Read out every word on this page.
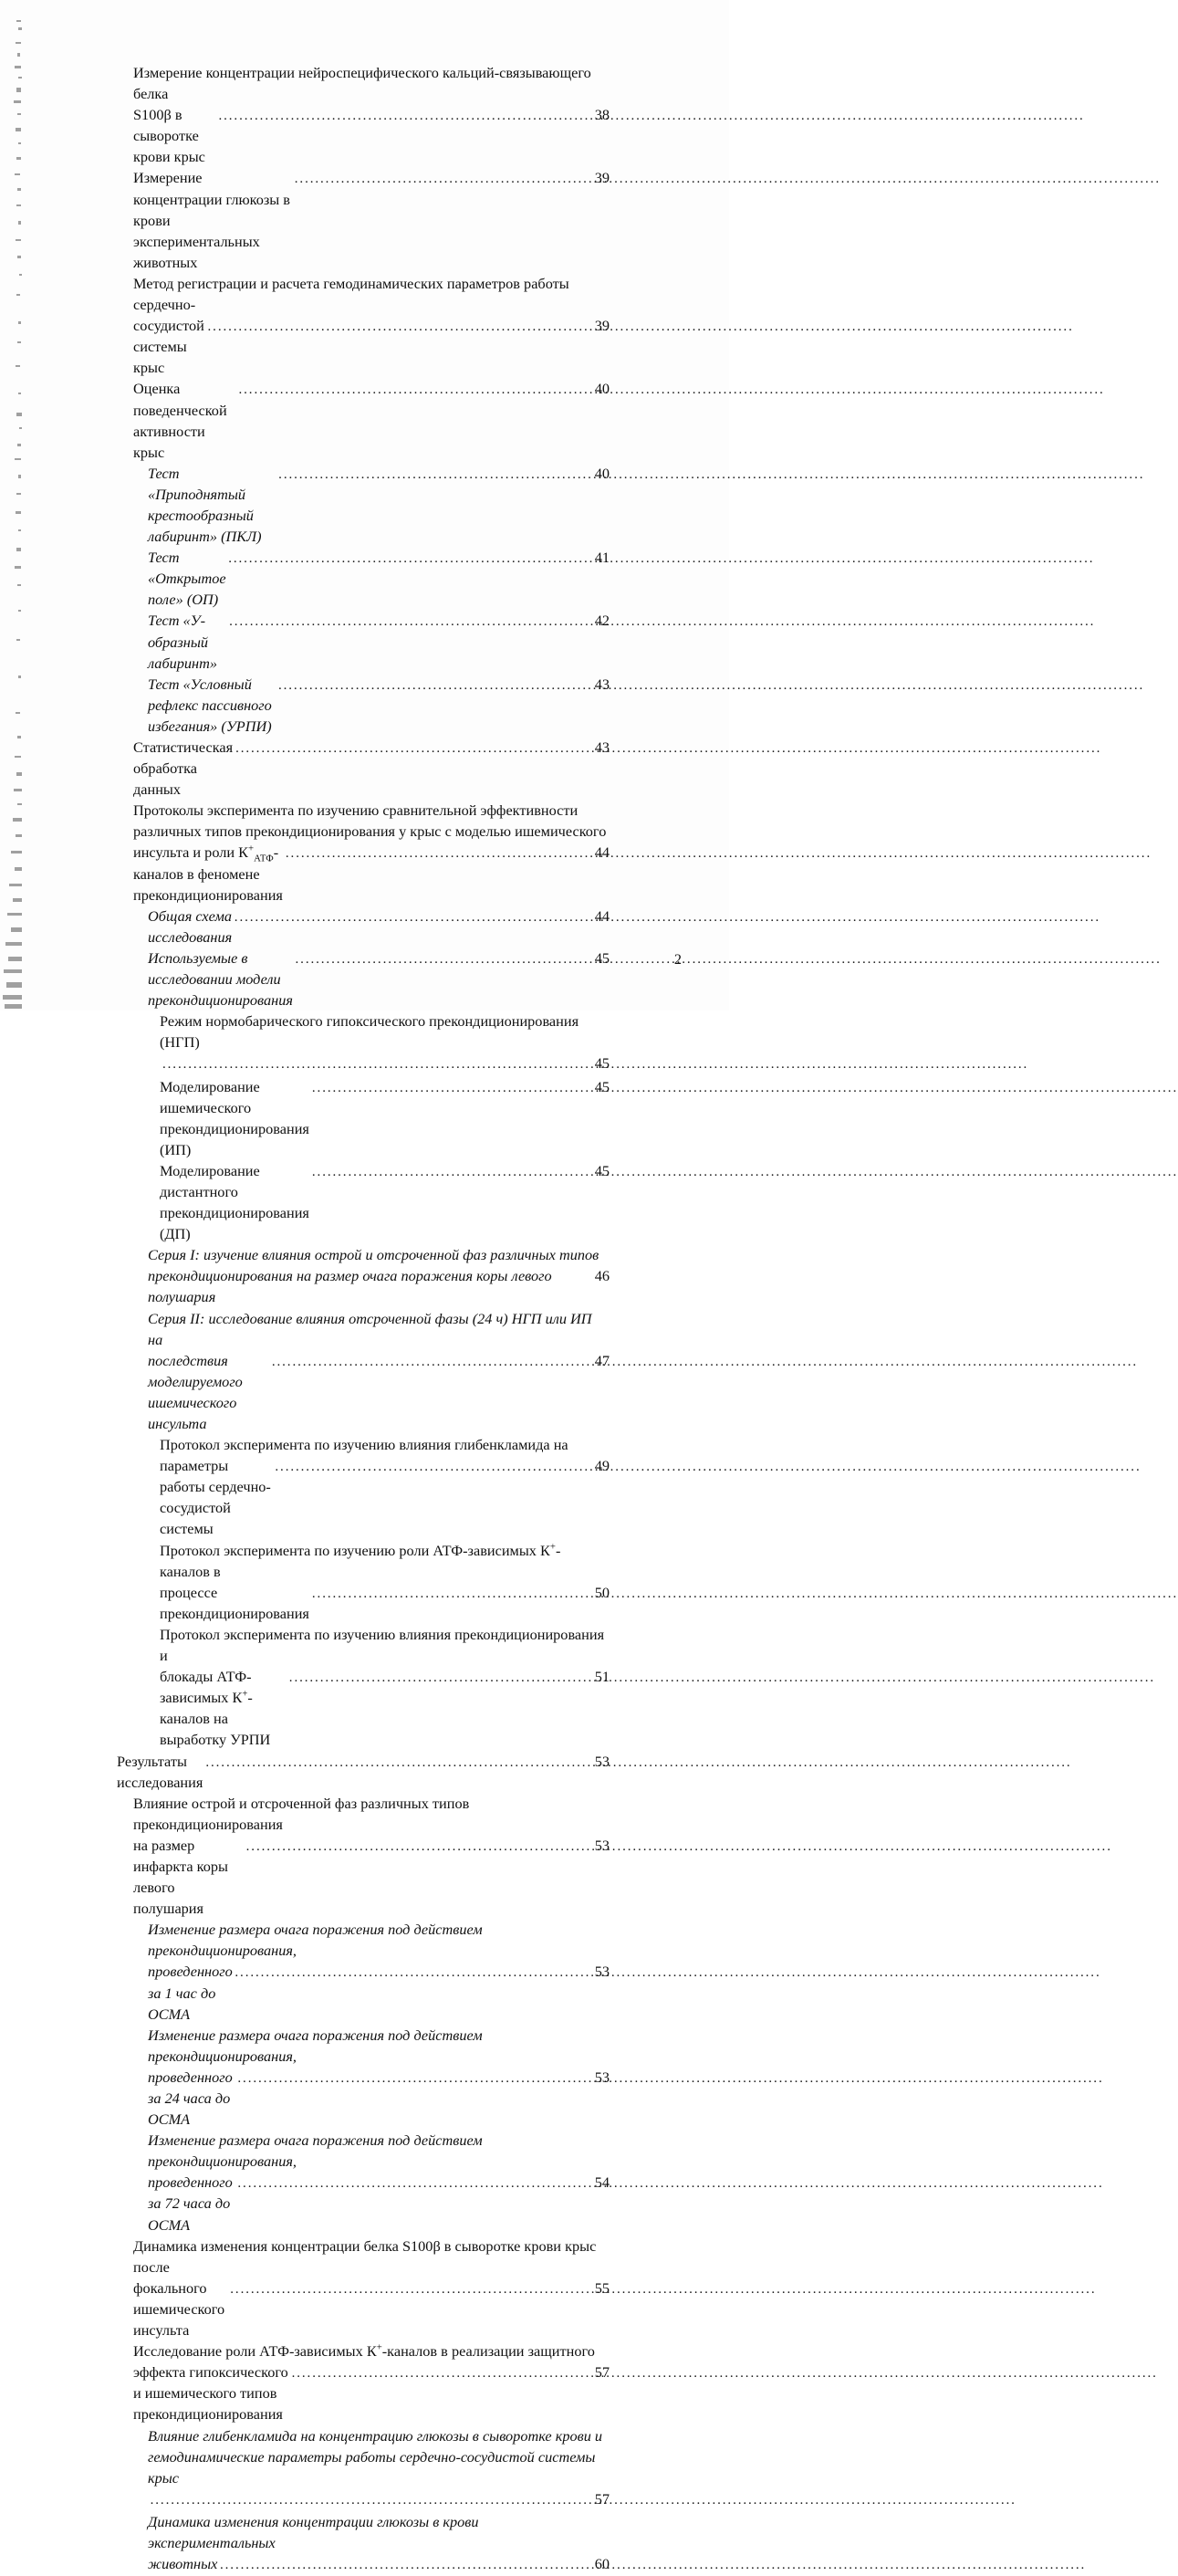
Измерение концентрации нейроспецифического кальций-связывающего белка
S100β в сыворотке крови крыс
.....
38
Измерение концентрации глюкозы в крови экспериментальных животных
.....
39
Метод регистрации и расчета гемодинамических параметров работы сердечно-
сосудистой системы крыс
.....
39
Оценка поведенческой активности крыс
.....
40
Тест «Приподнятый крестообразный лабиринт» (ПКЛ)
.....
40
Тест «Открытое поле» (ОП)
.....
41
Тест «У-образный лабиринт»
.....
42
Тест «Условный рефлекс пассивного избегания» (УРПИ)
.....
43
Статистическая обработка данных
.....
43
Протоколы эксперимента по изучению сравнительной эффективности
различных типов прекондиционирования у крыс с моделью ишемического
инсульта и роли $К^+_{АТФ}$-каналов в феномене прекондиционирования
.....
44
Общая схема исследования
.....
44
Используемые в исследовании модели прекондиционирования
.....
45
Режим нормобарического гипоксического прекондиционирования (НГП)
.....
45
Моделирование ишемического прекондиционирования (ИП)
.....
45
Моделирование дистантного прекондиционирования (ДП)
.....
45
Серия I: изучение влияния острой и отсроченной фаз различных типов
прекондиционирования на размер очага поражения коры левого полушария
46
Серия II: исследование влияния отсроченной фазы (24 ч) НГП или ИП на
последствия моделируемого ишемического инсульта
.....
47
Протокол эксперимента по изучению влияния глибенкламида на
параметры работы сердечно-сосудистой системы
.....
49
Протокол эксперимента по изучению роли АТФ-зависимых К+-каналов в
процессе прекондиционирования
.....
50
Протокол эксперимента по изучению влияния прекондиционирования и
блокады АТФ-зависимых К+-каналов на выработку УРПИ
.....
51
Результаты исследования
.....
53
Влияние острой и отсроченной фаз различных типов прекондиционирования
на размер инфаркта коры левого полушария
.....
53
Изменение размера очага поражения под действием прекондиционирования,
проведенного за 1 час до ОСМА
.....
53
Изменение размера очага поражения под действием прекондиционирования,
проведенного за 24 часа до ОСМА
.....
53
Изменение размера очага поражения под действием прекондиционирования,
проведенного за 72 часа до ОСМА
.....
54
Динамика изменения концентрации белка S100β в сыворотке крови крыс после
фокального ишемического инсульта
.....
55
Исследование роли АТФ-зависимых К+-каналов в реализации защитного
эффекта гипоксического и ишемического типов прекондиционирования
.....
57
Влияние глибенкламида на концентрацию глюкозы в сыворотке крови и
гемодинамические параметры работы сердечно-сосудистой системы крыс
.....
57
Динамика изменения концентрации глюкозы в крови экспериментальных
животных .....	60
2
